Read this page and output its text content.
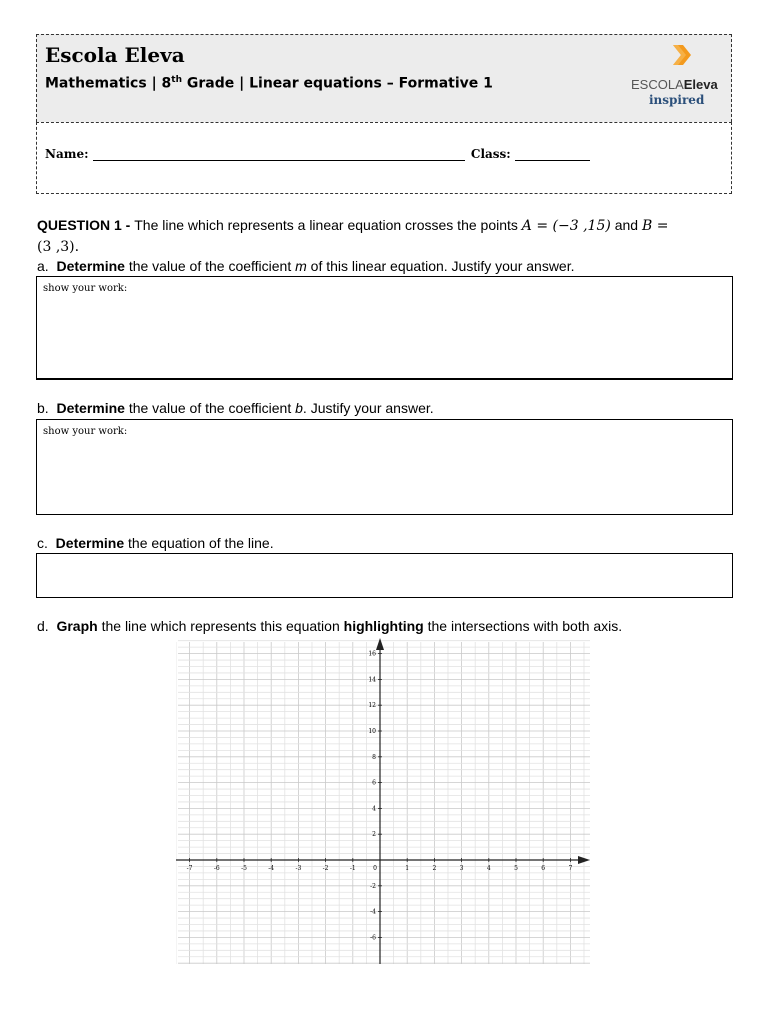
Escola Eleva
Mathematics | 8th Grade | Linear equations – Formative 1	ESCOLAEleva
inspired
Name:	Class:
QUESTION 1 - The line which represents a linear equation crosses the points A = (−3 ,15) and B =
(3 ,3).
a. Determine the value of the coefficient m of this linear equation. Justify your answer.
show your work:
b. Determine the value of the coefficient b. Justify your answer.
show your work:
c. Determine the equation of the line.
d. Graph the line which represents this equation highlighting the intersections with both axis.
-7	-6	-5	-4	-3	-2	-1	0	1	2	3	4	5	6	7
16
14
12
10
8
6
4
2
-2
-4
-6
